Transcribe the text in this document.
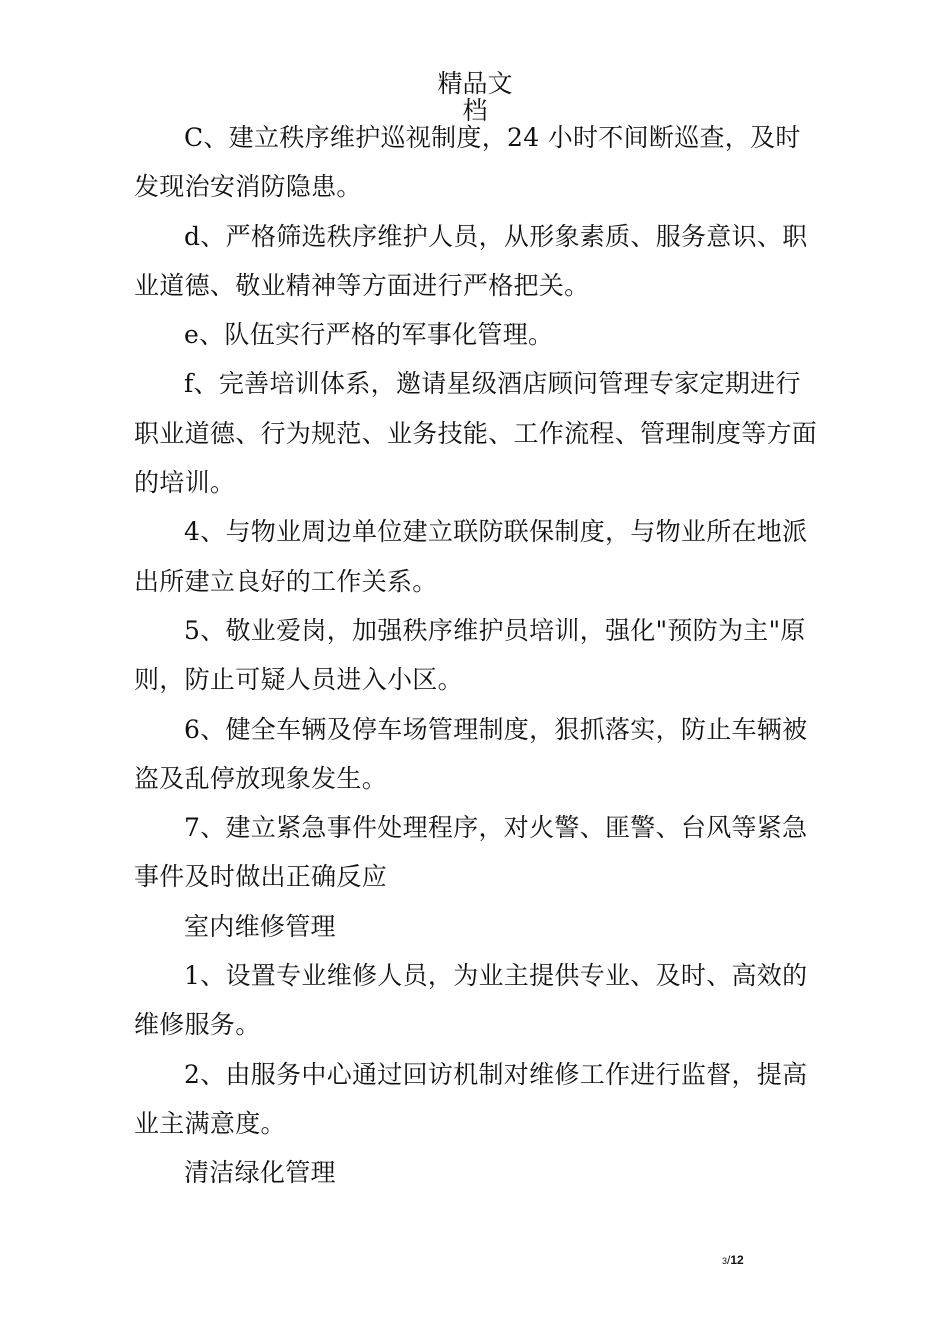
精品文
档

C、建立秩序维护巡视制度，24 小时不间断巡查，及时发现治安消防隐患。

d、严格筛选秩序维护人员，从形象素质、服务意识、职业道德、敬业精神等方面进行严格把关。

e、队伍实行严格的军事化管理。

f、完善培训体系，邀请星级酒店顾问管理专家定期进行职业道德、行为规范、业务技能、工作流程、管理制度等方面的培训。

4、与物业周边单位建立联防联保制度，与物业所在地派出所建立良好的工作关系。

5、敬业爱岗，加强秩序维护员培训，强化"预防为主"原则，防止可疑人员进入小区。

6、健全车辆及停车场管理制度，狠抓落实，防止车辆被盗及乱停放现象发生。

7、建立紧急事件处理程序，对火警、匪警、台风等紧急事件及时做出正确反应

室内维修管理

1、设置专业维修人员，为业主提供专业、及时、高效的维修服务。

2、由服务中心通过回访机制对维修工作进行监督，提高业主满意度。

清洁绿化管理

3/12
